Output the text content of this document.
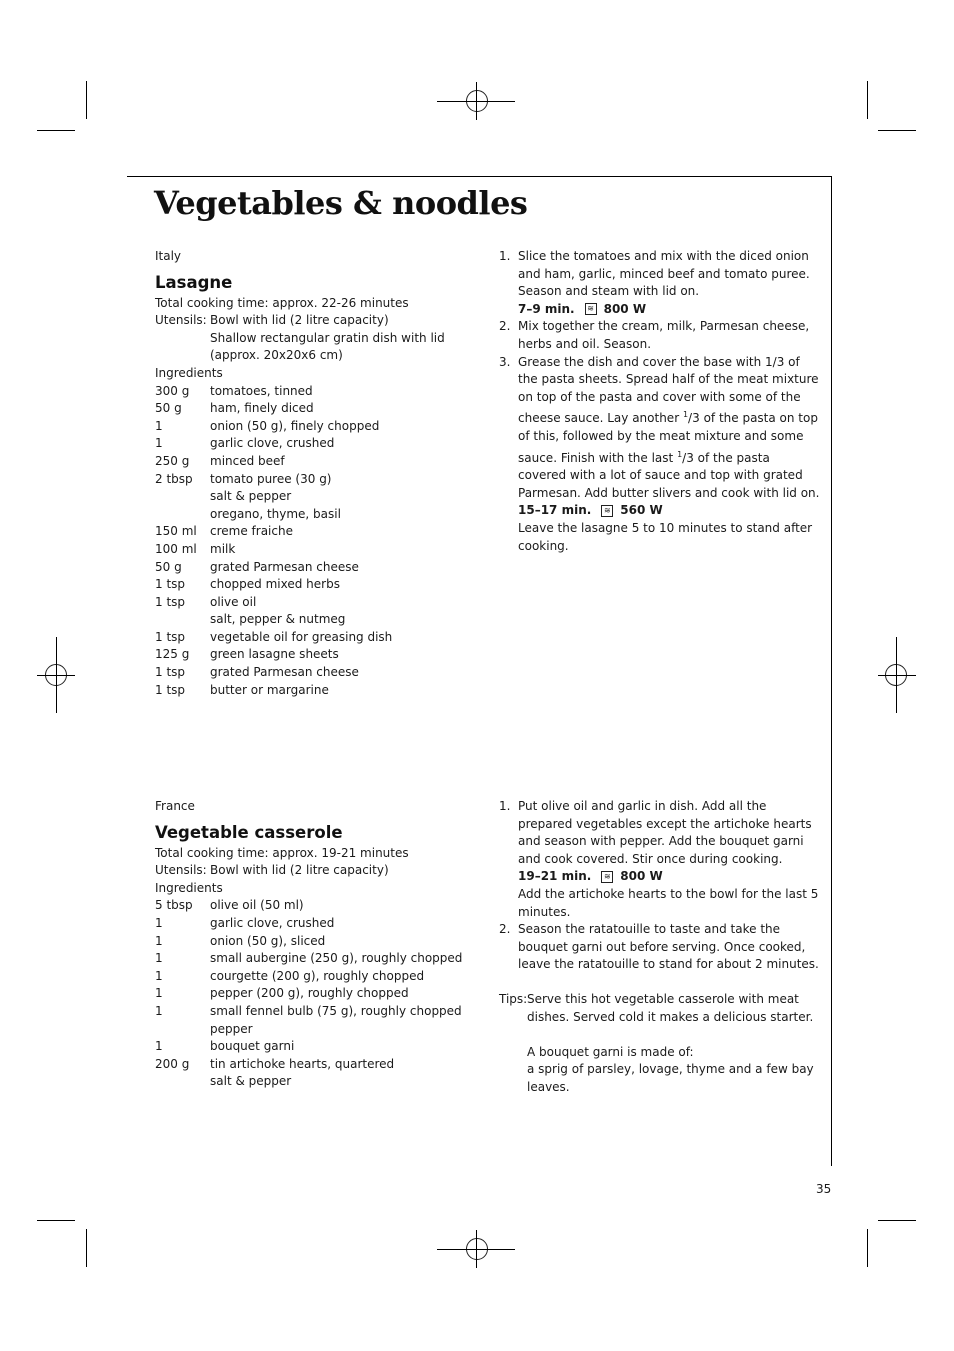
Vegetables & noodles
Italy
Lasagne
Total cooking time: approx. 22-26 minutes
Utensils: Bowl with lid (2 litre capacity)
Shallow rectangular gratin dish with lid
(approx. 20x20x6 cm)
Ingredients
300 g tomatoes, tinned
50 g ham, finely diced
1	onion (50 g), finely chopped
1	garlic clove, crushed
250 g minced beef
2 tbsp tomato puree (30 g)
salt & pepper
oregano, thyme, basil
150 ml creme fraiche
100 ml milk
50 g grated Parmesan cheese
1 tsp chopped mixed herbs
1 tsp olive oil
salt, pepper & nutmeg
1 tsp vegetable oil for greasing dish
125 g green lasagne sheets
1 tsp grated Parmesan cheese
1 tsp butter or margarine
1. Slice the tomatoes and mix with the diced onion and ham, garlic, minced beef and tomato puree. Season and steam with lid on.
7–9 min. ≋ 800 W
2. Mix together the cream, milk, Parmesan cheese, herbs and oil. Season.
3. Grease the dish and cover the base with 1/3 of the pasta sheets. Spread half of the meat mixture on top of the pasta and cover with some of the cheese sauce. Lay another $^1$/3 of the pasta on top of this, followed by the meat mixture and some sauce. Finish with the last $^1$/3 of the pasta covered with a lot of sauce and top with grated Parmesan. Add butter slivers and cook with lid on.
15–17 min. ≋ 560 W
Leave the lasagne 5 to 10 minutes to stand after cooking.
France
Vegetable casserole
Total cooking time: approx. 19-21 minutes
Utensils: Bowl with lid (2 litre capacity)
Ingredients
5 tbsp olive oil (50 ml)
1	garlic clove, crushed
1	onion (50 g), sliced
1	small aubergine (250 g), roughly chopped
1	courgette (200 g), roughly chopped
1	pepper (200 g), roughly chopped
1	small fennel bulb (75 g), roughly chopped
pepper
1	bouquet garni
200 g tin artichoke hearts, quartered
salt & pepper
1. Put olive oil and garlic in dish. Add all the prepared vegetables except the artichoke hearts and season with pepper. Add the bouquet garni and cook covered. Stir once during cooking.
19–21 min. ≋ 800 W
Add the artichoke hearts to the bowl for the last 5 minutes.
2. Season the ratatouille to taste and take the bouquet garni out before serving. Once cooked, leave the ratatouille to stand for about 2 minutes.
Tips: Serve this hot vegetable casserole with meat dishes. Served cold it makes a delicious starter.
A bouquet garni is made of:
a sprig of parsley, lovage, thyme and a few bay leaves.
35
